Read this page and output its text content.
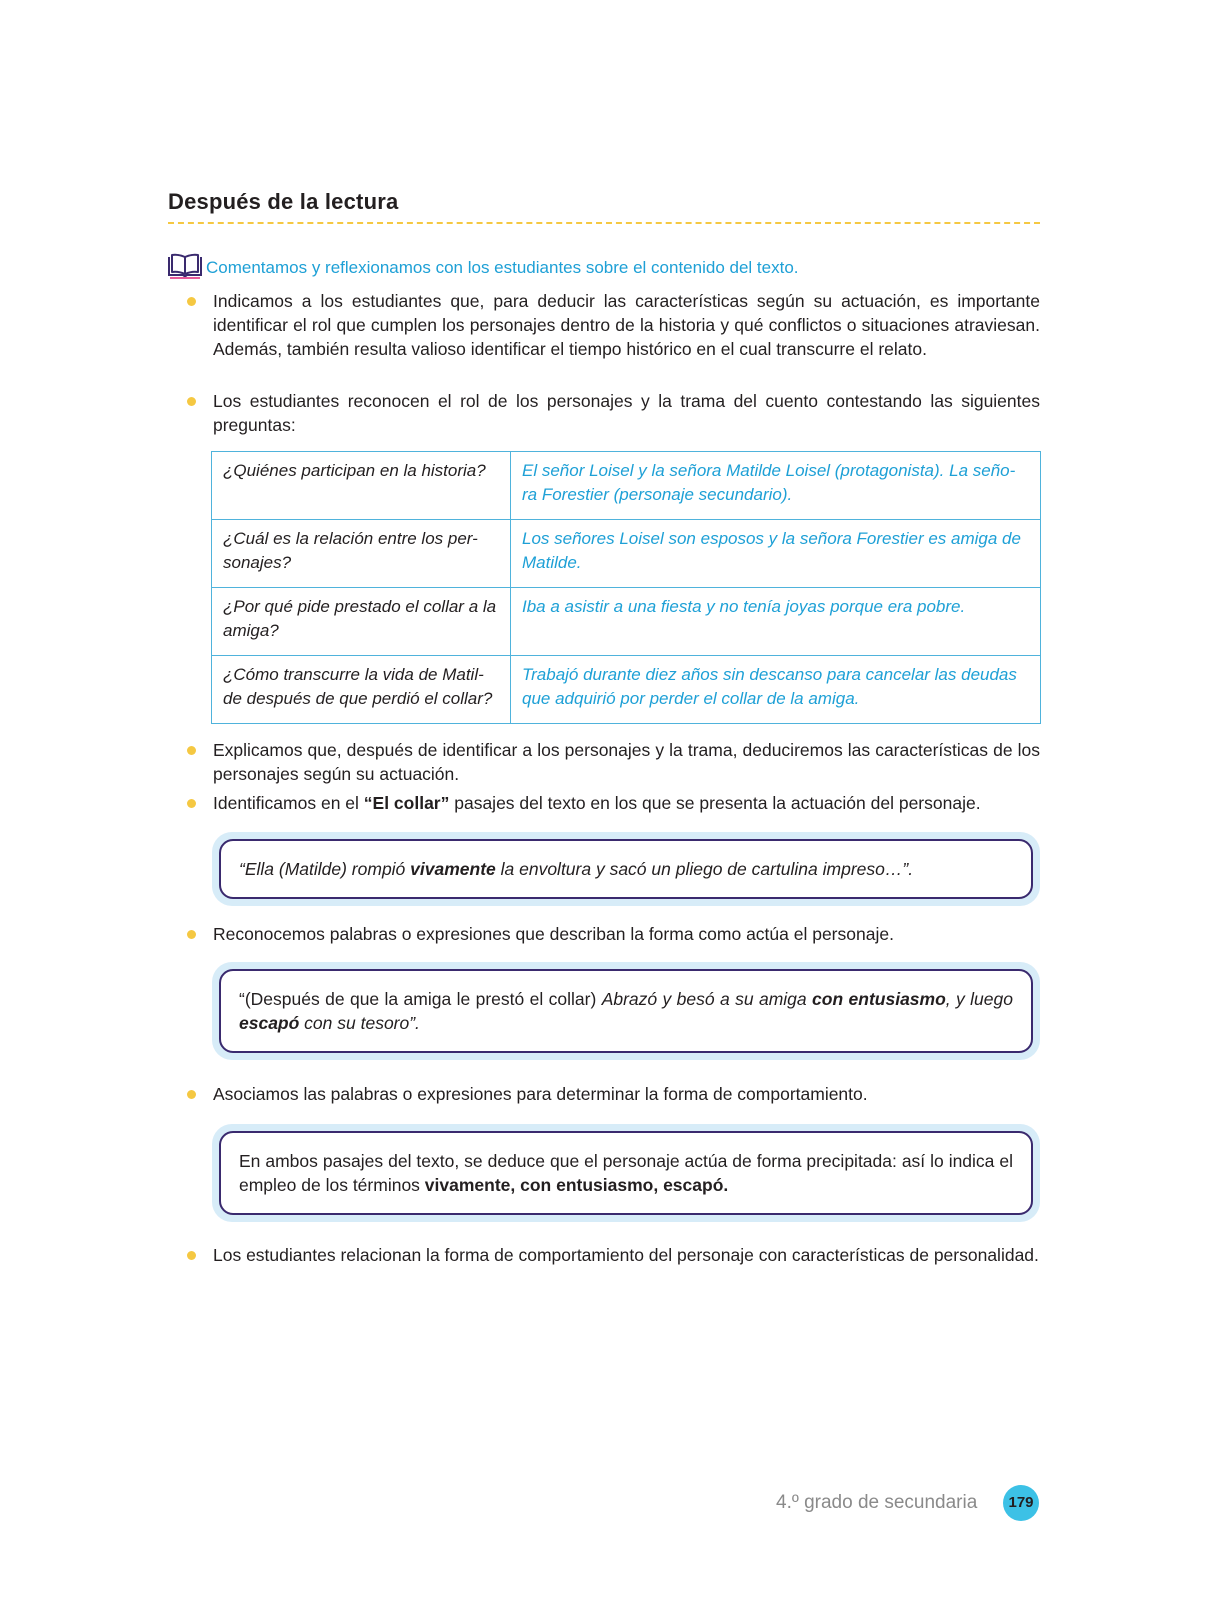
Después de la lectura
Comentamos y reflexionamos con los estudiantes sobre el contenido del texto.
Indicamos a los estudiantes que, para deducir las características según su actuación, es importante identificar el rol que cumplen los personajes dentro de la historia y qué conflictos o situaciones atraviesan. Además, también resulta valioso identificar el tiempo histórico en el cual transcurre el relato.
Los estudiantes reconocen el rol de los personajes y la trama del cuento contestando las siguientes preguntas:
¿Quiénes participan en la historia?	El señor Loisel y la señora Matilde Loisel (protagonista). La seño-ra Forestier (personaje secundario).
¿Cuál es la relación entre los per-sonajes?	Los señores Loisel son esposos y la señora Forestier es amiga de Matilde.
¿Por qué pide prestado el collar a la amiga?	Iba a asistir a una fiesta y no tenía joyas porque era pobre.
¿Cómo transcurre la vida de Matil-de después de que perdió el collar?	Trabajó durante diez años sin descanso para cancelar las deudas que adquirió por perder el collar de la amiga.
Explicamos que, después de identificar a los personajes y la trama, deduciremos las características de los personajes según su actuación.
Identificamos en el “El collar” pasajes del texto en los que se presenta la actuación del personaje.
“Ella (Matilde) rompió vivamente la envoltura y sacó un pliego de cartulina impreso…”.
Reconocemos palabras o expresiones que describan la forma como actúa el personaje.
“(Después de que la amiga le prestó el collar) Abrazó y besó a su amiga con entusiasmo, y luego escapó con su tesoro”.
Asociamos las palabras o expresiones para determinar la forma de comportamiento.
En ambos pasajes del texto, se deduce que el personaje actúa de forma precipitada: así lo indica el empleo de los términos vivamente, con entusiasmo, escapó.
Los estudiantes relacionan la forma de comportamiento del personaje con características de personalidad.
4.º grado de secundaria	179
